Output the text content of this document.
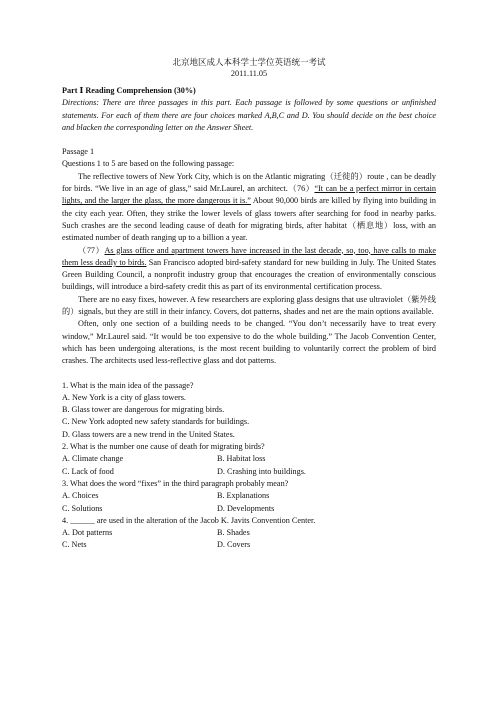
北京地区成人本科学士学位英语统一考试

2011.11.05

Part Ⅰ Reading Comprehension (30%)

Directions: There are three passages in this part. Each passage is followed by some questions or unfinished statements. For each of them there are four choices marked A,B,C and D. You should decide on the best choice and blacken the corresponding letter on the Answer Sheet.

Passage 1

Questions 1 to 5 are based on the following passage:

The reflective towers of New York City, which is on the Atlantic migrating（迁徙的）route , can be deadly for birds. “We live in an age of glass,” said Mr.Laurel, an architect.（76）“It can be a perfect mirror in certain lights, and the larger the glass, the more dangerous it is.” About 90,000 birds are killed by flying into building in the city each year. Often, they strike the lower levels of glass towers after searching for food in nearby parks. Such crashes are the second leading cause of death for migrating birds, after habitat（栖息地）loss, with an estimated number of death ranging up to a billion a year.

（77）As glass office and apartment towers have increased in the last decade, so, too, have calls to make them less deadly to birds. San Francisco adopted bird-safety standard for new building in July. The United States Green Building Council, a nonprofit industry group that encourages the creation of environmentally conscious buildings, will introduce a bird-safety credit this as part of its environmental certification process.

There are no easy fixes, however. A few researchers are exploring glass designs that use ultraviolet（紫外线的）signals, but they are still in their infancy. Covers, dot patterns, shades and net are the main options available.

Often, only one section of a building needs to be changed. “You don’t necessarily have to treat every window,” Mr.Laurel said. “It would be too expensive to do the whole building.” The Jacob Convention Center, which has been undergoing alterations, is the most recent building to voluntarily correct the problem of bird crashes. The architects used less-reflective glass and dot patterns.

1. What is the main idea of the passage?

A. New York is a city of glass towers.

B. Glass tower are dangerous for migrating birds.

C. New York adopted new safety standards for buildings.

D. Glass towers are a new trend in the United States.

2. What is the number one cause of death for migrating birds?

A. Climate change	B. Habitat loss
C. Lack of food	D. Crashing into buildings.

3. What does the word “fixes” in the third paragraph probably mean?

A. Choices	B. Explanations
C. Solutions	D. Developments

4. ______ are used in the alteration of the Jacob K. Javits Convention Center.

A. Dot patterns	B. Shades
C. Nets	D. Covers
